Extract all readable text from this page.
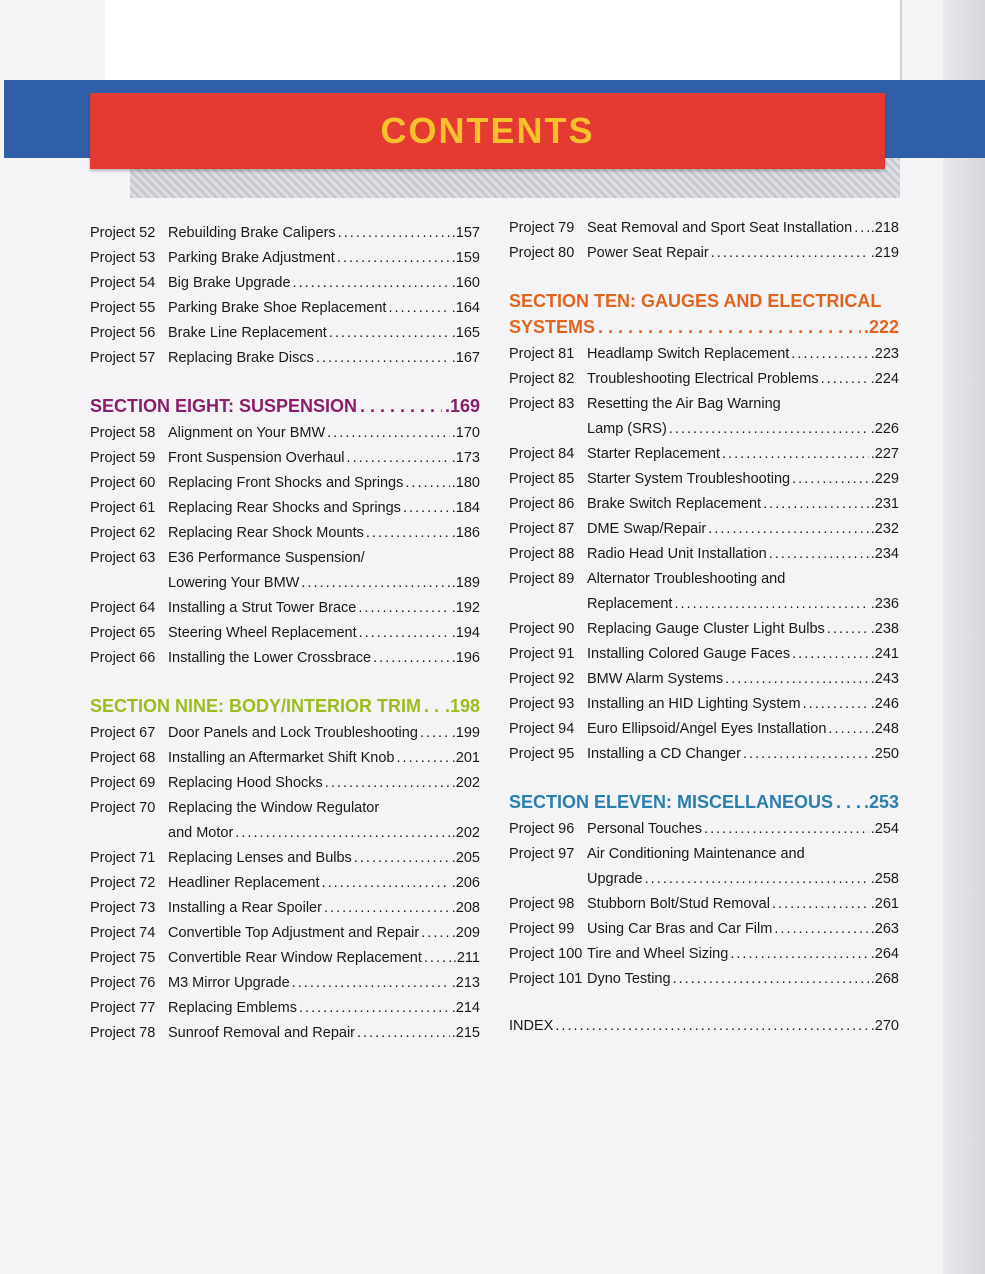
CONTENTS
Project 52 Rebuilding Brake Calipers . . .	.157
Project 53 Parking Brake Adjustment . . .	.159
Project 54 Big Brake Upgrade . . .	.160
Project 55 Parking Brake Shoe Replacement . . .	.164
Project 56 Brake Line Replacement . . .	.165
Project 57 Replacing Brake Discs . . .	.167
SECTION EIGHT: SUSPENSION . . .	.169
Project 58 Alignment on Your BMW . . .	.170
Project 59 Front Suspension Overhaul . . .	.173
Project 60 Replacing Front Shocks and Springs . . .	.180
Project 61 Replacing Rear Shocks and Springs . . .	.184
Project 62 Replacing Rear Shock Mounts . . .	.186
Project 63 E36 Performance Suspension/
Lowering Your BMW . . .	.189
Project 64 Installing a Strut Tower Brace . . .	.192
Project 65 Steering Wheel Replacement . . .	.194
Project 66 Installing the Lower Crossbrace . . .	.196
SECTION NINE: BODY/INTERIOR TRIM . . . .198
Project 67 Door Panels and Lock Troubleshooting . . . .199
Project 68 Installing an Aftermarket Shift Knob . . .	.201
Project 69 Replacing Hood Shocks . . .	.202
Project 70 Replacing the Window Regulator
and Motor . . .	.202
Project 71 Replacing Lenses and Bulbs . . .	.205
Project 72 Headliner Replacement . . .	.206
Project 73 Installing a Rear Spoiler . . .	.208
Project 74 Convertible Top Adjustment and Repair . . . .209
Project 75 Convertible Rear Window Replacement . . . .211
Project 76 M3 Mirror Upgrade . . .	.213
Project 77 Replacing Emblems . . .	.214
Project 78 Sunroof Removal and Repair . . .	.215
Project 79 Seat Removal and Sport Seat Installation . . . .218
Project 80 Power Seat Repair . . .	.219
SECTION TEN: GAUGES AND ELECTRICAL
SYSTEMS . . .	.222
Project 81 Headlamp Switch Replacement . . .	.223
Project 82 Troubleshooting Electrical Problems . . .	.224
Project 83 Resetting the Air Bag Warning
Lamp (SRS) . . .	.226
Project 84 Starter Replacement . . .	.227
Project 85 Starter System Troubleshooting . . .	.229
Project 86 Brake Switch Replacement . . .	.231
Project 87 DME Swap/Repair . . .	.232
Project 88 Radio Head Unit Installation . . .	.234
Project 89 Alternator Troubleshooting and
Replacement . . .	.236
Project 90 Replacing Gauge Cluster Light Bulbs . . .	.238
Project 91 Installing Colored Gauge Faces . . .	.241
Project 92 BMW Alarm Systems . . .	.243
Project 93 Installing an HID Lighting System . . .	.246
Project 94 Euro Ellipsoid/Angel Eyes Installation . . .	.248
Project 95 Installing a CD Changer . . .	.250
SECTION ELEVEN: MISCELLANEOUS . . . .253
Project 96 Personal Touches . . .	.254
Project 97 Air Conditioning Maintenance and
Upgrade . . .	.258
Project 98 Stubborn Bolt/Stud Removal . . .	.261
Project 99 Using Car Bras and Car Film . . .	.263
Project 100 Tire and Wheel Sizing . . .	.264
Project 101 Dyno Testing . . .	.268
INDEX . . .	.270
